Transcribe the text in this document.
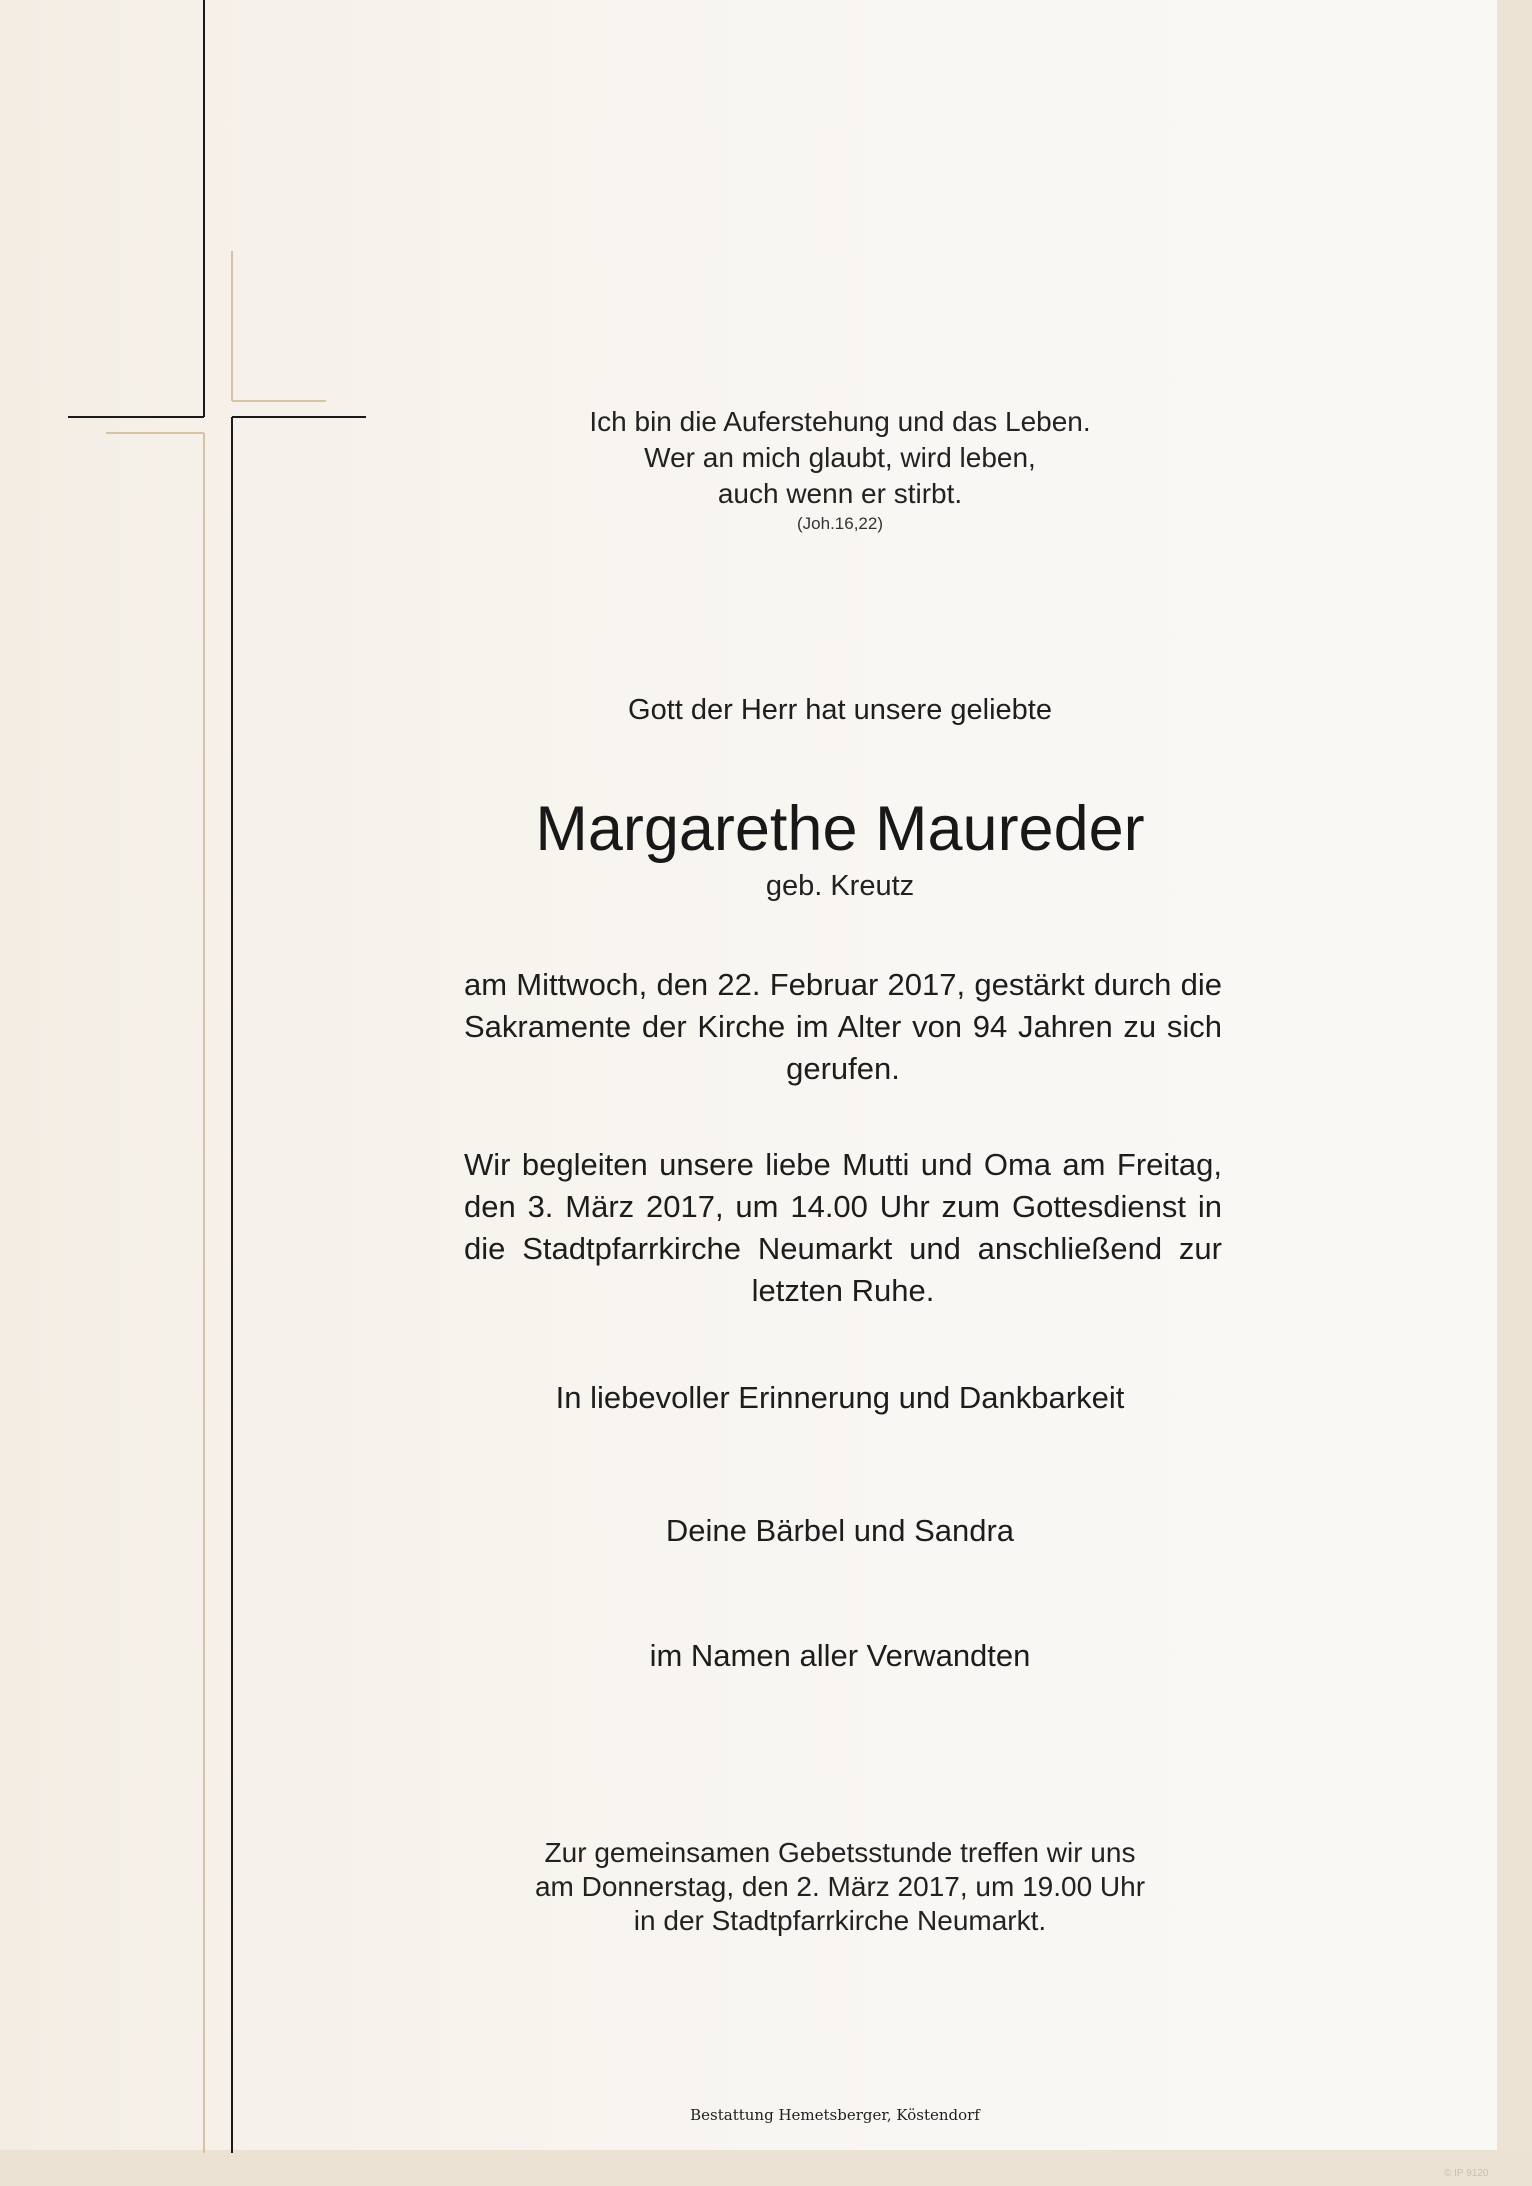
Ich bin die Auferstehung und das Leben.
Wer an mich glaubt, wird leben,
auch wenn er stirbt.
(Joh.16,22)
Gott der Herr hat unsere geliebte
Margarethe Maureder
geb. Kreutz
am Mittwoch, den 22. Februar 2017, gestärkt durch die Sakramente der Kirche im Alter von 94 Jahren zu sich gerufen.
Wir begleiten unsere liebe Mutti und Oma am Freitag, den 3. März 2017, um 14.00 Uhr zum Gottesdienst in die Stadtpfarrkirche Neumarkt und anschließend zur letzten Ruhe.
In liebevoller Erinnerung und Dankbarkeit
Deine Bärbel und Sandra
im Namen aller Verwandten
Zur gemeinsamen Gebetsstunde treffen wir uns
am Donnerstag, den 2. März 2017, um 19.00 Uhr
in der Stadtpfarrkirche Neumarkt.
Bestattung Hemetsberger, Köstendorf
© IP 9120
